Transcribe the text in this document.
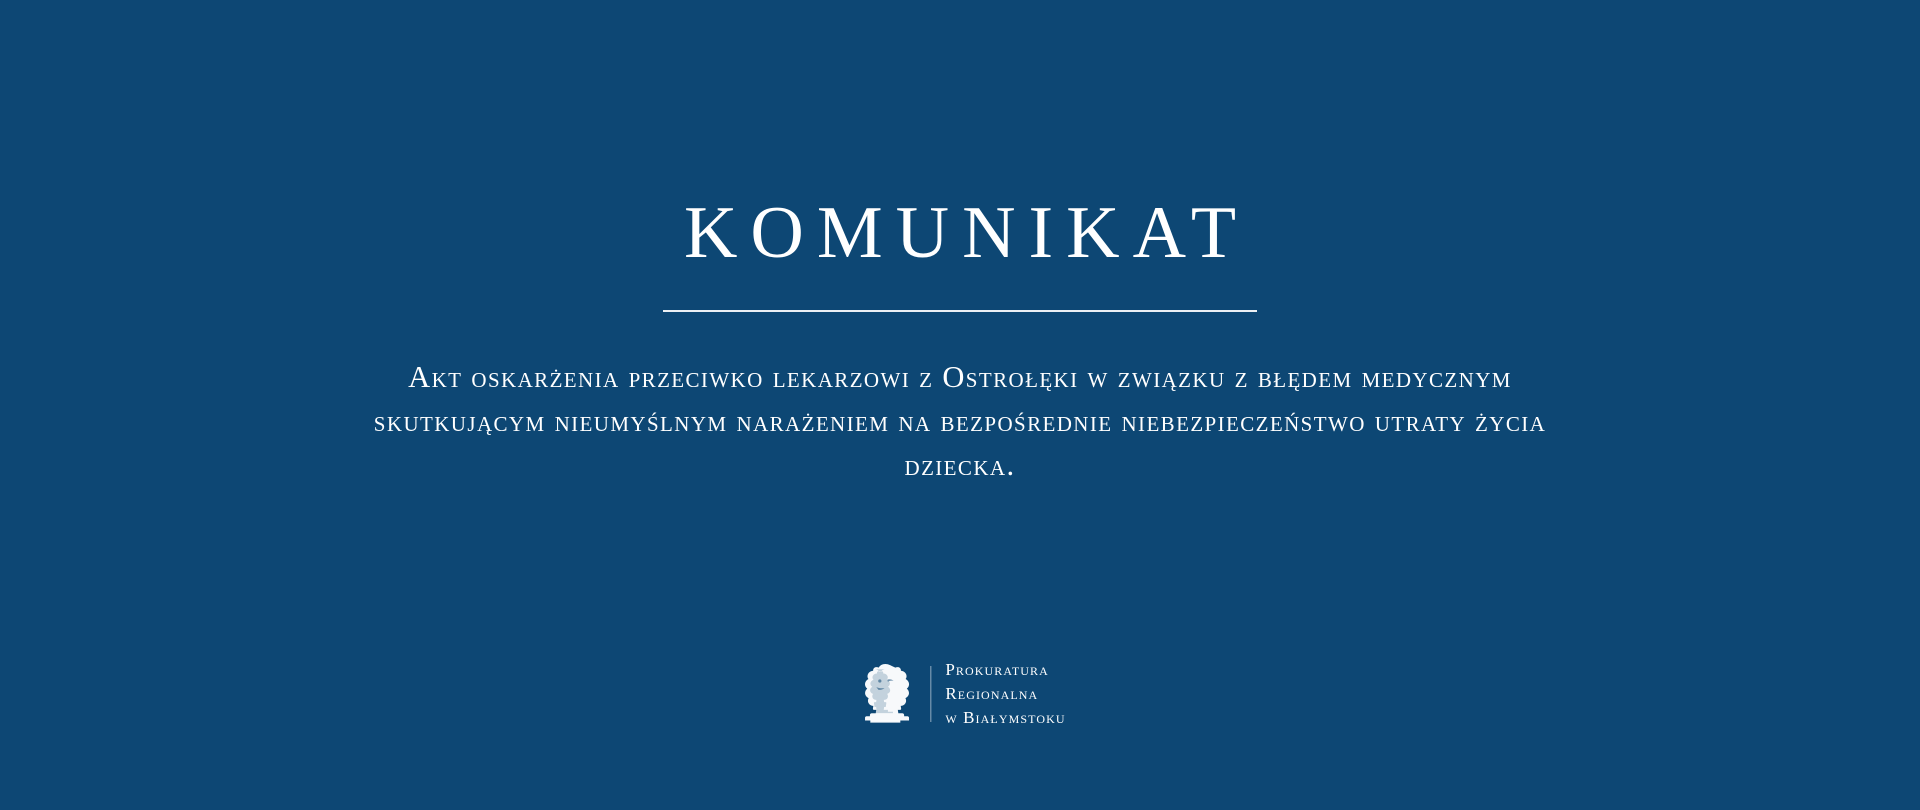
KOMUNIKAT
Akt oskarżenia przeciwko lekarzowi z Ostrołęki w związku z błędem medycznym skutkującym nieumyślnym narażeniem na bezpośrednie niebezpieczeństwo utraty życia dziecka.
Prokuratura
Regionalna
w Białymstoku
